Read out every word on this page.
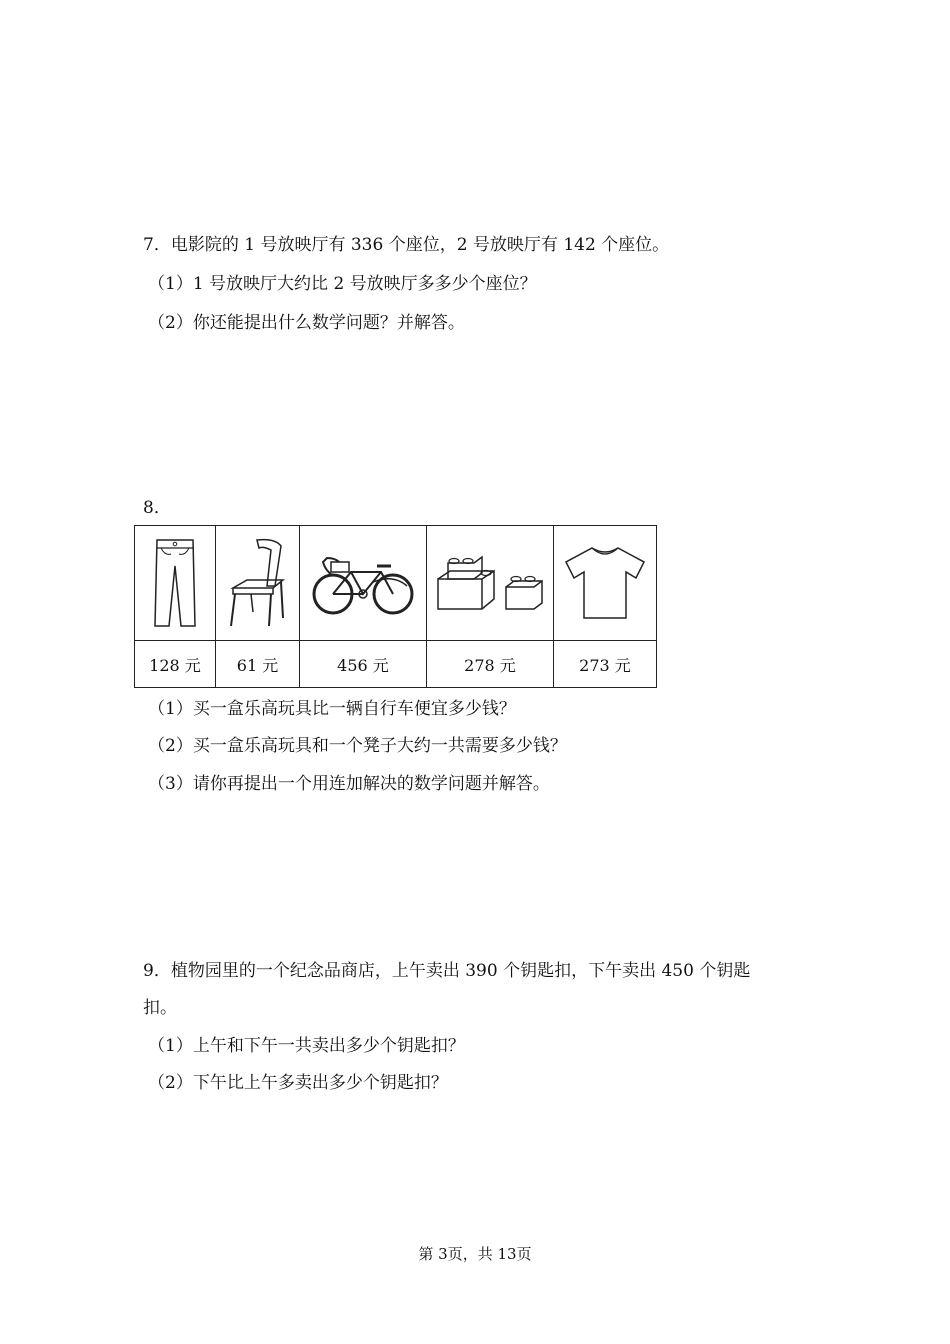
7．电影院的 1 号放映厅有 336 个座位，2 号放映厅有 142 个座位。
（1）1 号放映厅大约比 2 号放映厅多多少个座位？
（2）你还能提出什么数学问题？并解答。
8．

128 元	61 元	456 元	278 元	273 元
（1）买一盒乐高玩具比一辆自行车便宜多少钱？
（2）买一盒乐高玩具和一个凳子大约一共需要多少钱？
（3）请你再提出一个用连加解决的数学问题并解答。
9．植物园里的一个纪念品商店，上午卖出 390 个钥匙扣，下午卖出 450 个钥匙
扣。
（1）上午和下午一共卖出多少个钥匙扣？
（2）下午比上午多卖出多少个钥匙扣？
第 3页，共 13页
